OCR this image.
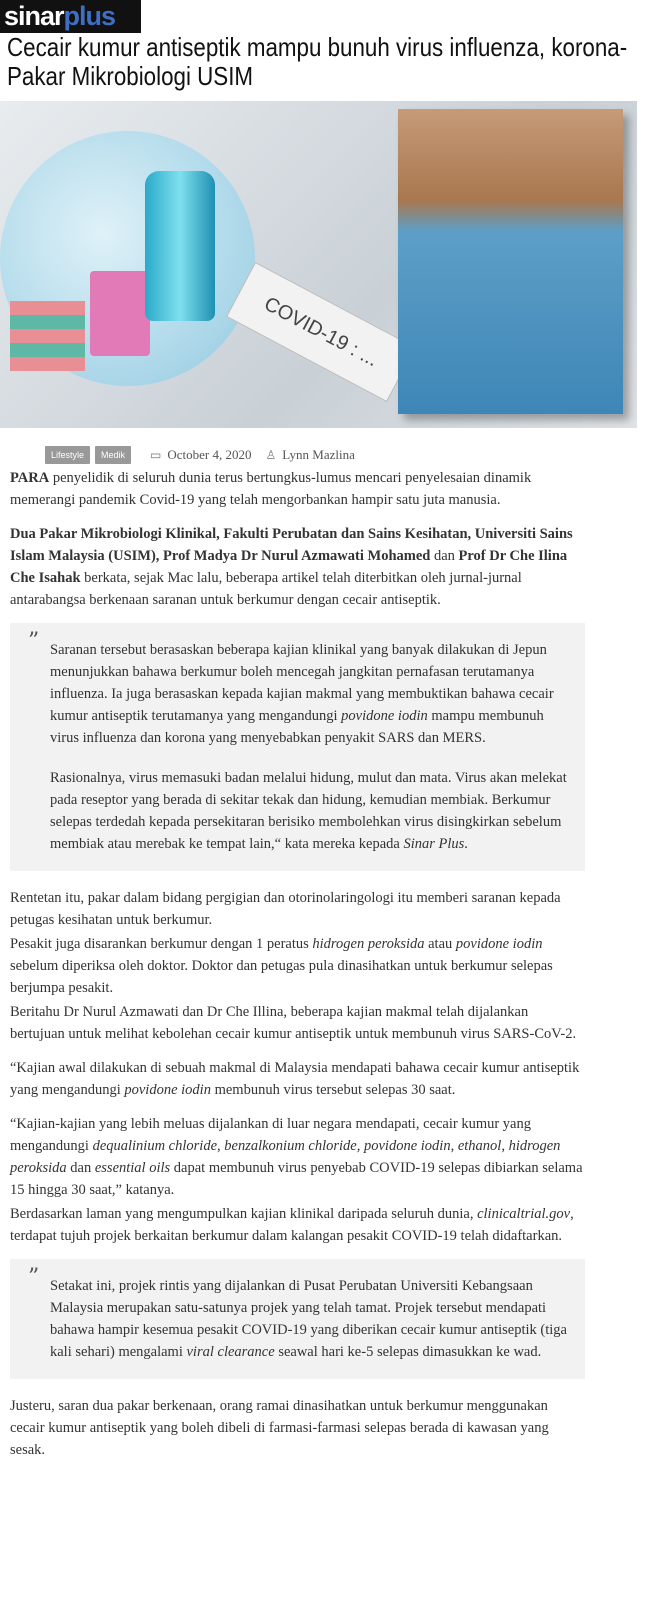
sinar plus
Cecair kumur antiseptik mampu bunuh virus influenza, korona-Pakar Mikrobiologi USIM
COVID-19 : ...
Lifestyle	Medik	▭ October 4, 2020 ♙ Lynn Mazlina

PARA penyelidik di seluruh dunia terus bertungkus-lumus mencari penyelesaian dinamik memerangi pandemik Covid-19 yang telah mengorbankan hampir satu juta manusia.

Dua Pakar Mikrobiologi Klinikal, Fakulti Perubatan dan Sains Kesihatan, Universiti Sains Islam Malaysia (USIM), Prof Madya Dr Nurul Azmawati Mohamed dan Prof Dr Che Ilina Che Isahak berkata, sejak Mac lalu, beberapa artikel telah diterbitkan oleh jurnal-jurnal antarabangsa berkenaan saranan untuk berkumur dengan cecair antiseptik.

” Saranan tersebut berasaskan beberapa kajian klinikal yang banyak dilakukan di Jepun menunjukkan bahawa berkumur boleh mencegah jangkitan pernafasan terutamanya influenza. Ia juga berasaskan kepada kajian makmal yang membuktikan bahawa cecair kumur antiseptik terutamanya yang mengandungi povidone iodin mampu membunuh virus influenza dan korona yang menyebabkan penyakit SARS dan MERS.

Rasionalnya, virus memasuki badan melalui hidung, mulut dan mata. Virus akan melekat pada reseptor yang berada di sekitar tekak dan hidung, kemudian membiak. Berkumur selepas terdedah kepada persekitaran berisiko membolehkan virus disingkirkan sebelum membiak atau merebak ke tempat lain,“ kata mereka kepada Sinar Plus.

Rentetan itu, pakar dalam bidang pergigian dan otorinolaringologi itu memberi saranan kepada petugas kesihatan untuk berkumur.

Pesakit juga disarankan berkumur dengan 1 peratus hidrogen peroksida atau povidone iodin sebelum diperiksa oleh doktor. Doktor dan petugas pula dinasihatkan untuk berkumur selepas berjumpa pesakit.

Beritahu Dr Nurul Azmawati dan Dr Che Illina, beberapa kajian makmal telah dijalankan bertujuan untuk melihat kebolehan cecair kumur antiseptik untuk membunuh virus SARS-CoV-2.

“Kajian awal dilakukan di sebuah makmal di Malaysia mendapati bahawa cecair kumur antiseptik yang mengandungi povidone iodin membunuh virus tersebut selepas 30 saat.

“Kajian-kajian yang lebih meluas dijalankan di luar negara mendapati, cecair kumur yang mengandungi dequalinium chloride, benzalkonium chloride, povidone iodin, ethanol, hidrogen peroksida dan essential oils dapat membunuh virus penyebab COVID-19 selepas dibiarkan selama 15 hingga 30 saat,” katanya.

Berdasarkan laman yang mengumpulkan kajian klinikal daripada seluruh dunia, clinicaltrial.gov, terdapat tujuh projek berkaitan berkumur dalam kalangan pesakit COVID-19 telah didaftarkan.

” Setakat ini, projek rintis yang dijalankan di Pusat Perubatan Universiti Kebangsaan Malaysia merupakan satu-satunya projek yang telah tamat. Projek tersebut mendapati bahawa hampir kesemua pesakit COVID-19 yang diberikan cecair kumur antiseptik (tiga kali sehari) mengalami viral clearance seawal hari ke-5 selepas dimasukkan ke wad.

Justeru, saran dua pakar berkenaan, orang ramai dinasihatkan untuk berkumur menggunakan cecair kumur antiseptik yang boleh dibeli di farmasi-farmasi selepas berada di kawasan yang sesak.
